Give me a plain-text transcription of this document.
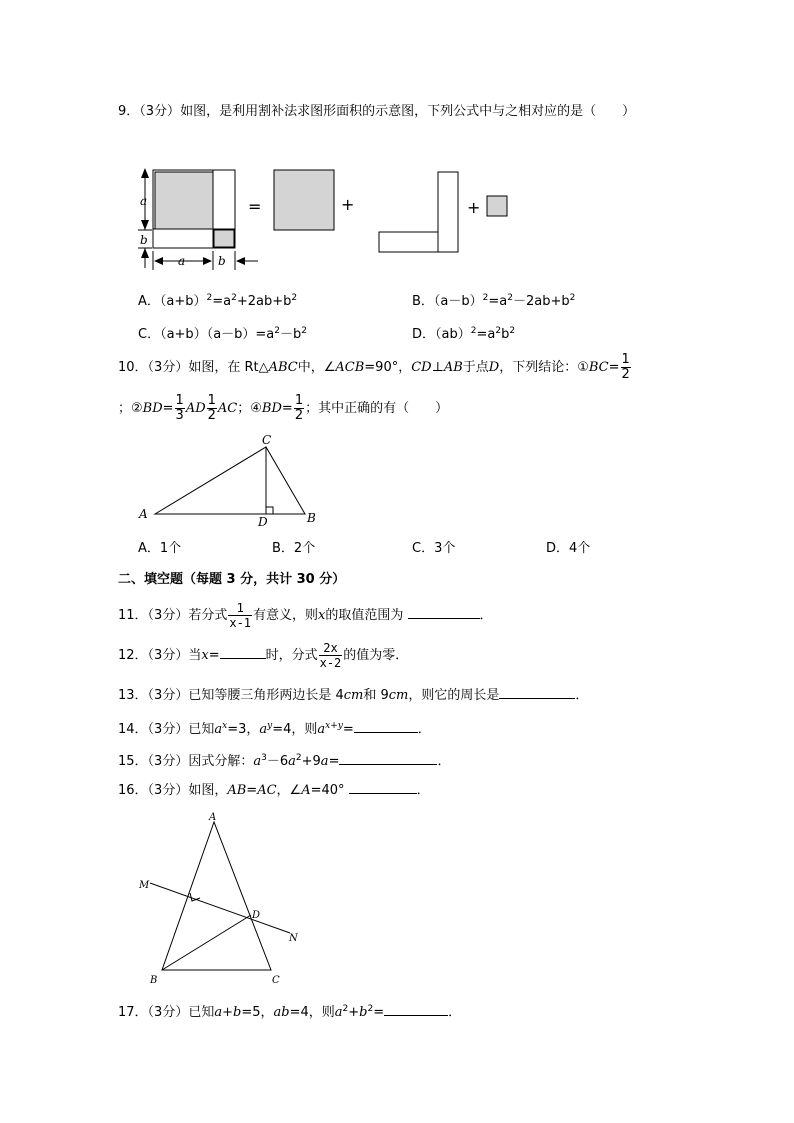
9．（3分）如图，是利用割补法求图形面积的示意图，下列公式中与之相对应的是（　　）
a
b
a	b
=	+	+
A．$(a+b)^2=a^2+2ab+b^2$	B．$(a-b)^2=a^2-2ab+b^2$
C．$(a+b)(a-b)=a^2-b^2$	D．$(ab)^2=a^2b^2$
10．（3分）如图，在 Rt△ABC中，∠ACB=90°，CD⊥AB于点D，下列结论：①BC= $\frac{1}{2}$
；②BD= $\frac{1}{3}$ AD $\frac{1}{2}$ AC；④BD= $\frac{1}{2}$ ；其中正确的有（　　）
A
C
D	B
A．1个	B．2个	C．3个	D．4个
二、填空题（每题 3 分，共计 30 分）
11．（3分）若分式 $\frac{1}{x-1}$ 有意义，则x的取值范围为	．
12．（3分）当x=	时，分式 $\frac{2x}{x-2}$ 的值为零．
13．（3分）已知等腰三角形两边长是 4cm和 9cm，则它的周长是	．
14．（3分）已知$a^x=3$，$a^y=4$，则$a^{x+y}=$	．
15．（3分）因式分解：$a^3-6a^2+9a=$	．
16．（3分）如图，AB=AC，∠A=40°	．
A
M
D
N
B	C
17．（3分）已知a+b=5，ab=4，则$a^2+b^2=$	．
